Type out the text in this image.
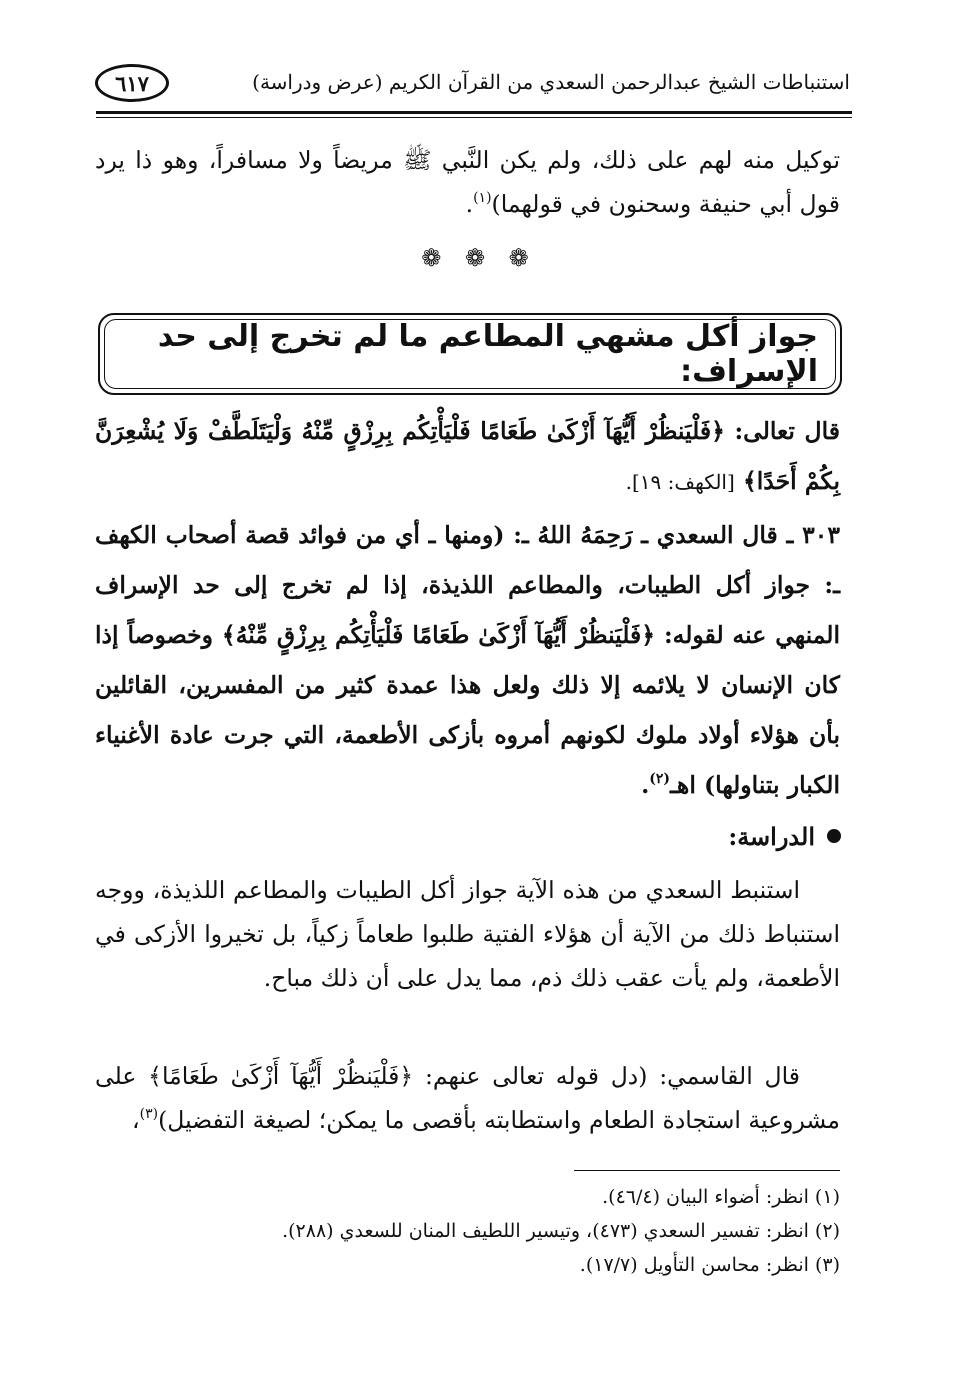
٦١٧	استنباطات الشيخ عبدالرحمن السعدي من القرآن الكريم (عرض ودراسة)
توكيل منه لهم على ذلك، ولم يكن النَّبي ﷺ مريضاً ولا مسافراً، وهو ذا يرد قول أبي حنيفة وسحنون في قولهما)$^{(١)}$.
❁ ❁ ❁
جواز أكل مشهي المطاعم ما لم تخرج إلى حد الإسراف:
قال تعالى: ﴿فَلْيَنظُرْ أَيُّهَآ أَزْكَىٰ طَعَامًا فَلْيَأْتِكُم بِرِزْقٍ مِّنْهُ وَلْيَتَلَطَّفْ وَلَا يُشْعِرَنَّ بِكُمْ أَحَدًا﴾ [الكهف: ١٩].
٣٠٣ ـ قال السعدي ـ رَحِمَهُ اللهُ ـ: (ومنها ـ أي من فوائد قصة أصحاب الكهف ـ: جواز أكل الطيبات، والمطاعم اللذيذة، إذا لم تخرج إلى حد الإسراف المنهي عنه لقوله: ﴿فَلْيَنظُرْ أَيُّهَآ أَزْكَىٰ طَعَامًا فَلْيَأْتِكُم بِرِزْقٍ مِّنْهُ﴾ وخصوصاً إذا كان الإنسان لا يلائمه إلا ذلك ولعل هذا عمدة كثير من المفسرين، القائلين بأن هؤلاء أولاد ملوك لكونهم أمروه بأزكى الأطعمة، التي جرت عادة الأغنياء الكبار بتناولها) اهـ$^{(٢)}$.
الدراسة:
استنبط السعدي من هذه الآية جواز أكل الطيبات والمطاعم اللذيذة، ووجه استنباط ذلك من الآية أن هؤلاء الفتية طلبوا طعاماً زكياً، بل تخيروا الأزكى في الأطعمة، ولم يأت عقب ذلك ذم، مما يدل على أن ذلك مباح.
قال القاسمي: (دل قوله تعالى عنهم: ﴿فَلْيَنظُرْ أَيُّهَآ أَزْكَىٰ طَعَامًا﴾ على مشروعية استجادة الطعام واستطابته بأقصى ما يمكن؛ لصيغة التفضيل)$^{(٣)}$،
(١) انظر: أضواء البيان (٤٦/٤).
(٢) انظر: تفسير السعدي (٤٧٣)، وتيسير اللطيف المنان للسعدي (٢٨٨).
(٣) انظر: محاسن التأويل (١٧/٧).
